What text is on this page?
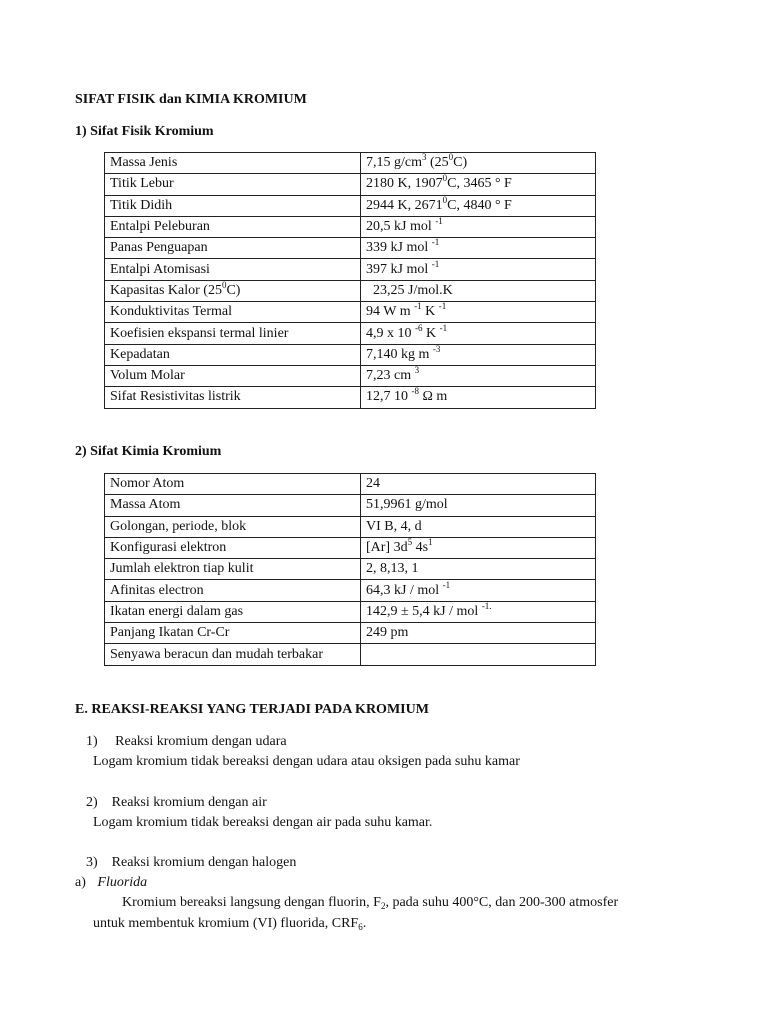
SIFAT FISIK dan KIMIA KROMIUM
1) Sifat Fisik Kromium
Massa Jenis	7,15 $g/cm^3$ $(25^0C)$
Titik Lebur	2180 K, 1907$^0$C, 3465 ° F
Titik Didih	2944 K, 2671$^0$C, 4840 ° F
Entalpi Peleburan	20,5 kJ mol $^{-1}$
Panas Penguapan	339 kJ mol $^{-1}$
Entalpi Atomisasi	397 kJ mol $^{-1}$
Kapasitas Kalor $(25^0C)$	23,25 J/mol.K
Konduktivitas Termal	94 W m $^{-1}$ K $^{-1}$
Koefisien ekspansi termal linier	4,9 x 10 $^{-6}$ K $^{-1}$
Kepadatan	7,140 kg m $^{-3}$
Volum Molar	7,23 cm $^3$
Sifat Resistivitas listrik	12,7 10 $^{-8}$ Ω m
2) Sifat Kimia Kromium
Nomor Atom	24
Massa Atom	51,9961 g/mol
Golongan, periode, blok	VI B, 4, d
Konfigurasi elektron	[Ar] $3d^5$ $4s^1$
Jumlah elektron tiap kulit	2, 8,13, 1
Afinitas electron	64,3 kJ / mol $^{-1}$
Ikatan energi dalam gas	142,9 ± 5,4 kJ / mol $^{-1.}$
Panjang Ikatan Cr-Cr	249 pm
Senyawa beracun dan mudah terbakar	
E. REAKSI-REAKSI YANG TERJADI PADA KROMIUM
1)     Reaksi kromium dengan udara
Logam kromium tidak bereaksi dengan udara atau oksigen pada suhu kamar
2)    Reaksi kromium dengan air
Logam kromium tidak bereaksi dengan air pada suhu kamar.
3)    Reaksi kromium dengan halogen
a) Fluorida
Kromium bereaksi langsung dengan fluorin, $F_2$, pada suhu 400°C, dan 200-300 atmosfer
untuk membentuk kromium (VI) fluorida, $CRF_6$.
